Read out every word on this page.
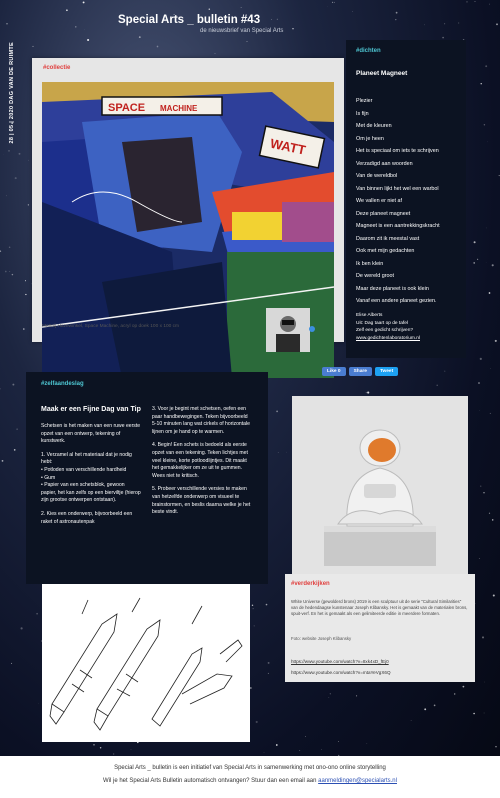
Special Arts _ bulletin #43
de nieuwsbrief van Special Arts
28 | 05 | 2020 DAG VAN DE RUIMTE	#collectie
SPACE MACHINE
WATT
Matteij Hazewinkel, Space Machine, acryl op doek 100 x 100 cm
#dichten
Planeet Magneet
Plezier
Is fijn
Met de kleuren
Om je heen
Het is speciaal om iets te schrijven
Verzadigd aan woorden
Van de wereldbol
Van binnen lijkt het wel een warbol
We vallen er niet af
Deze planeet magneet
Magneet is een aantrekkingskracht
Daarom zit ik meestal vast
Ook met mijn gedachten
Ik ben klein
De wereld groot
Maar deze planeet is ook klein
Vanaf een andere planeet gezien.
Elise Alberts
Uit: Dag taart op de tafel
Zelf een gedicht schrijven?
www.gedichtenlaboratorium.nl
Like 0	Share	Tweet
#zelfaandeslag
Maak er een Fijne Dag van Tip

Schetsen is het maken van een ruwe eerste opzet van een ontwerp, tekening of kunstwerk.

1. Verzamel al het materiaal dat je nodig hebt:

• Potloden van verschillende hardheid

• Gum

• Papier van een schetsblok, gewoon papier, het kan zelfs op een bierviltje (hierop zijn grootse ontwerpen ontstaan).

2. Kies een onderwerp, bijvoorbeeld een raket of astronautenpak

3. Voor je begint met schetsen, oefen een paar handbewegingen. Teken bijvoorbeeld 5-10 minuten lang wat cirkels of horizontale lijnen om je hand op te warmen.

4. Begin! Een schets is bedoeld als eerste opzet van een tekening. Teken lichtjes met veel kleine, korte potloodlijntjes. Dit maakt het gemakkelijker om ze uit te gummen. Wees niet te kritisch.

5. Probeer verschillende versies te maken van hetzelfde onderwerp om visueel te brainstormen, en beslis daarna welke je het beste vindt.

#verderkijken
White Universe (gewolderd brons) 2019 is een sculptuur uit de serie "Cultural Similarities" van de hedendaagse kunstenaar Joseph Klibansky. Het is gemaakt van de materialen brons, spuit-verf. En het is gemaakt als een gelimiteerde editie in meerdere formaten.
Foto: website Joseph Klibansky
https://www.youtube.com/watch?v=8xk4xD_fEj0
https://www.youtube.com/watch?v=mtaYeVgX6Q
Special Arts _ bulletin is een initiatief van Special Arts in samenwerking met ono-ono online storytelling
Wil je het Special Arts Bulletin automatisch ontvangen? Stuur dan een email aan aanmeldingen@specialarts.nl
